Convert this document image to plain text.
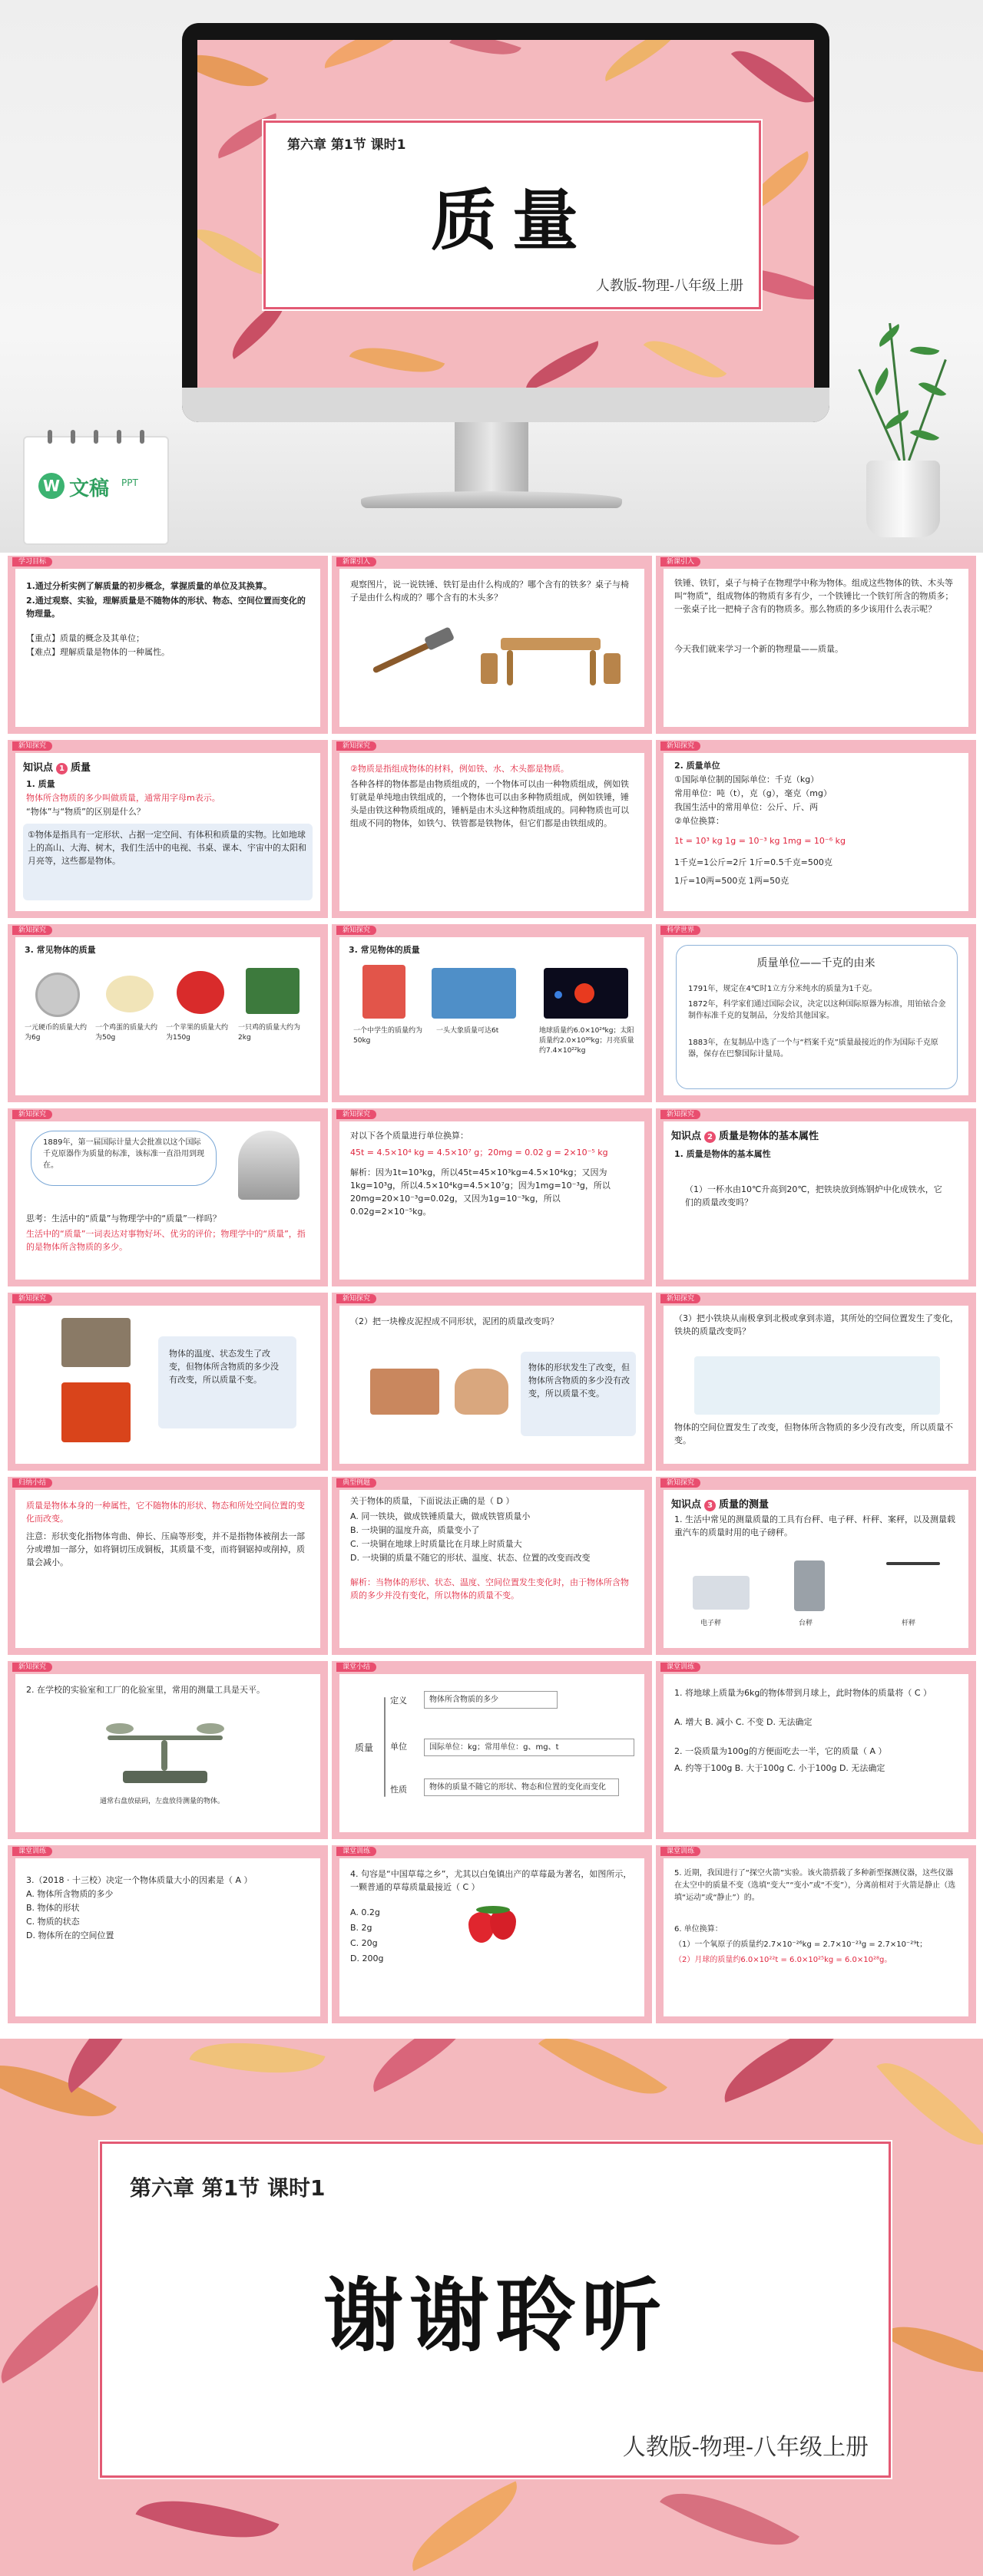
第六章 第1节 课时1
质量
人教版-物理-八年级上册
W 文稿 PPT
学习目标
1.通过分析实例了解质量的初步概念，掌握质量的单位及其换算。
2.通过观察、实验，理解质量是不随物体的形状、物态、空间位置而变化的物理量。
【重点】质量的概念及其单位；
【难点】理解质量是物体的一种属性。
新课引入
观察图片，说一说铁锤、铁钉是由什么构成的？哪个含有的铁多？桌子与椅子是由什么构成的？哪个含有的木头多？
新课引入
铁锤、铁钉，桌子与椅子在物理学中称为物体。组成这些物体的铁、木头等叫“物质”，组成物体的物质有多有少，一个铁锤比一个铁钉所含的物质多；一张桌子比一把椅子含有的物质多。那么物质的多少该用什么表示呢？
今天我们就来学习一个新的物理量——质量。
新知探究
知识点 1 质量
1. 质量
物体所含物质的多少叫做质量，通常用字母m表示。
“物体”与“物质”的区别是什么？
①物体是指具有一定形状、占据一定空间、有体积和质量的实物。比如地球上的高山、大海、树木，我们生活中的电视、书桌、课本、宇宙中的太阳和月亮等，这些都是物体。
新知探究
②物质是指组成物体的材料，例如铁、水、木头都是物质。
各种各样的物体都是由物质组成的，一个物体可以由一种物质组成，例如铁钉就是单纯地由铁组成的，一个物体也可以由多种物质组成，例如铁锤，锤头是由铁这种物质组成的，锤柄是由木头这种物质组成的。同种物质也可以组成不同的物体，如铁勺、铁管都是铁物体，但它们都是由铁组成的。
新知探究
2. 质量单位
①国际单位制的国际单位：千克（kg）
常用单位：吨（t），克（g），毫克（mg）
我国生活中的常用单位：公斤、斤、两
②单位换算：
1t = 10³ kg 1g = 10⁻³ kg 1mg = 10⁻⁶ kg
1千克=1公斤=2斤 1斤=0.5千克=500克
1斤=10两=500克 1两=50克
新知探究
3. 常见物体的质量
一元硬币的质量大约为6g
一个鸡蛋的质量大约为50g
一个苹果的质量大约为150g
一只鸡的质量大约为2kg
新知探究
3. 常见物体的质量
一个中学生的质量约为50kg
一头大象质量可达6t	地球质量约6.0×10²⁴kg；太阳质量约2.0×10³⁰kg；月亮质量约7.4×10²²kg
科学世界
质量单位——千克的由来
1791年，规定在4℃时1立方分米纯水的质量为1千克。
1872年，科学家们通过国际会议，决定以这种国际原器为标准，用铂铱合金制作标准千克的复制品，分发给其他国家。
1883年，在复制品中选了一个与“档案千克”质量最接近的作为国际千克原器，保存在巴黎国际计量局。
新知探究
1889年，第一届国际计量大会批准以这个国际千克原器作为质量的标准，该标准一直沿用到现在。
思考：生活中的“质量”与物理学中的“质量”一样吗？
生活中的“质量”一词表达对事物好坏、优劣的评价；物理学中的“质量”，指的是物体所含物质的多少。
新知探究
对以下各个质量进行单位换算：
45t = 4.5×10⁴ kg = 4.5×10⁷ g；20mg = 0.02 g = 2×10⁻⁵ kg
解析：因为1t=10³kg，所以45t=45×10³kg=4.5×10⁴kg；又因为1kg=10³g，所以4.5×10⁴kg=4.5×10⁷g；因为1mg=10⁻³g，所以20mg=20×10⁻³g=0.02g，又因为1g=10⁻³kg，所以0.02g=2×10⁻⁵kg。
新知探究
知识点 2 质量是物体的基本属性
1. 质量是物体的基本属性
（1）一杯水由10℃升高到20℃，把铁块放到炼钢炉中化成铁水，它们的质量改变吗？
新知探究
物体的温度、状态发生了改变，但物体所含物质的多少没有改变，所以质量不变。
新知探究
（2）把一块橡皮泥捏成不同形状，泥团的质量改变吗？
物体的形状发生了改变，但物体所含物质的多少没有改变，所以质量不变。
新知探究
（3）把小铁块从南极拿到北极或拿到赤道，其所处的空间位置发生了变化，铁块的质量改变吗？
物体的空间位置发生了改变，但物体所含物质的多少没有改变，所以质量不变。
归纳小结
质量是物体本身的一种属性，它不随物体的形状、物态和所处空间位置的变化而改变。
注意：形状变化指物体弯曲、伸长、压扁等形变，并不是指物体被削去一部分或增加一部分，如将铜切压成铜板，其质量不变，而将铜锯掉或削掉，质量会减小。
典型例题
关于物体的质量，下面说法正确的是（ D ）
A. 同一铁块，做成铁锤质量大，做成铁管质量小
B. 一块铜的温度升高，质量变小了
C. 一块铜在地球上时质量比在月球上时质量大
D. 一块铜的质量不随它的形状、温度、状态、位置的改变而改变
解析：当物体的形状、状态、温度、空间位置发生变化时，由于物体所含物质的多少并没有变化，所以物体的质量不变。
新知探究
知识点 3 质量的测量
1. 生活中常见的测量质量的工具有台秤、电子秤、杆秤、案秤，以及测量载重汽车的质量时用的电子磅秤。
电子秤	台秤	杆秤
新知探究
2. 在学校的实验室和工厂的化验室里，常用的测量工具是天平。
通常右盘放砝码，左盘放待测量的物体。
课堂小结
质量
定义	物体所含物质的多少
单位	国际单位：kg；常用单位：g、mg、t
性质	物体的质量不随它的形状、物态和位置的变化而变化
课堂训练
1. 将地球上质量为6kg的物体带到月球上，此时物体的质量将（ C ）
A. 增大 B. 减小 C. 不变 D. 无法确定
2. 一袋质量为100g的方便面吃去一半，它的质量（ A ）
A. 约等于100g B. 大于100g C. 小于100g D. 无法确定
课堂训练
3.（2018 · 十三校）决定一个物体质量大小的因素是（ A ）
A. 物体所含物质的多少
B. 物体的形状
C. 物质的状态
D. 物体所在的空间位置
课堂训练
4. 句容是“中国草莓之乡”，尤其以白兔镇出产的草莓最为著名，如图所示，一颗普通的草莓质量最接近（ C ）
A. 0.2g
B. 2g
C. 20g
D. 200g
课堂训练
5. 近期，我国进行了“探空火箭”实验。该火箭搭载了多种新型探测仪器，这些仪器在太空中的质量不变（选填“变大”“变小”或“不变”），分离前相对于火箭是静止（选填“运动”或“静止”）的。
6. 单位换算：
（1）一个氧原子的质量约2.7×10⁻²⁶kg = 2.7×10⁻²³g = 2.7×10⁻²⁹t；
（2）月球的质量约6.0×10²²t = 6.0×10²⁵kg = 6.0×10²⁸g。
第六章 第1节 课时1
谢谢聆听
人教版-物理-八年级上册
